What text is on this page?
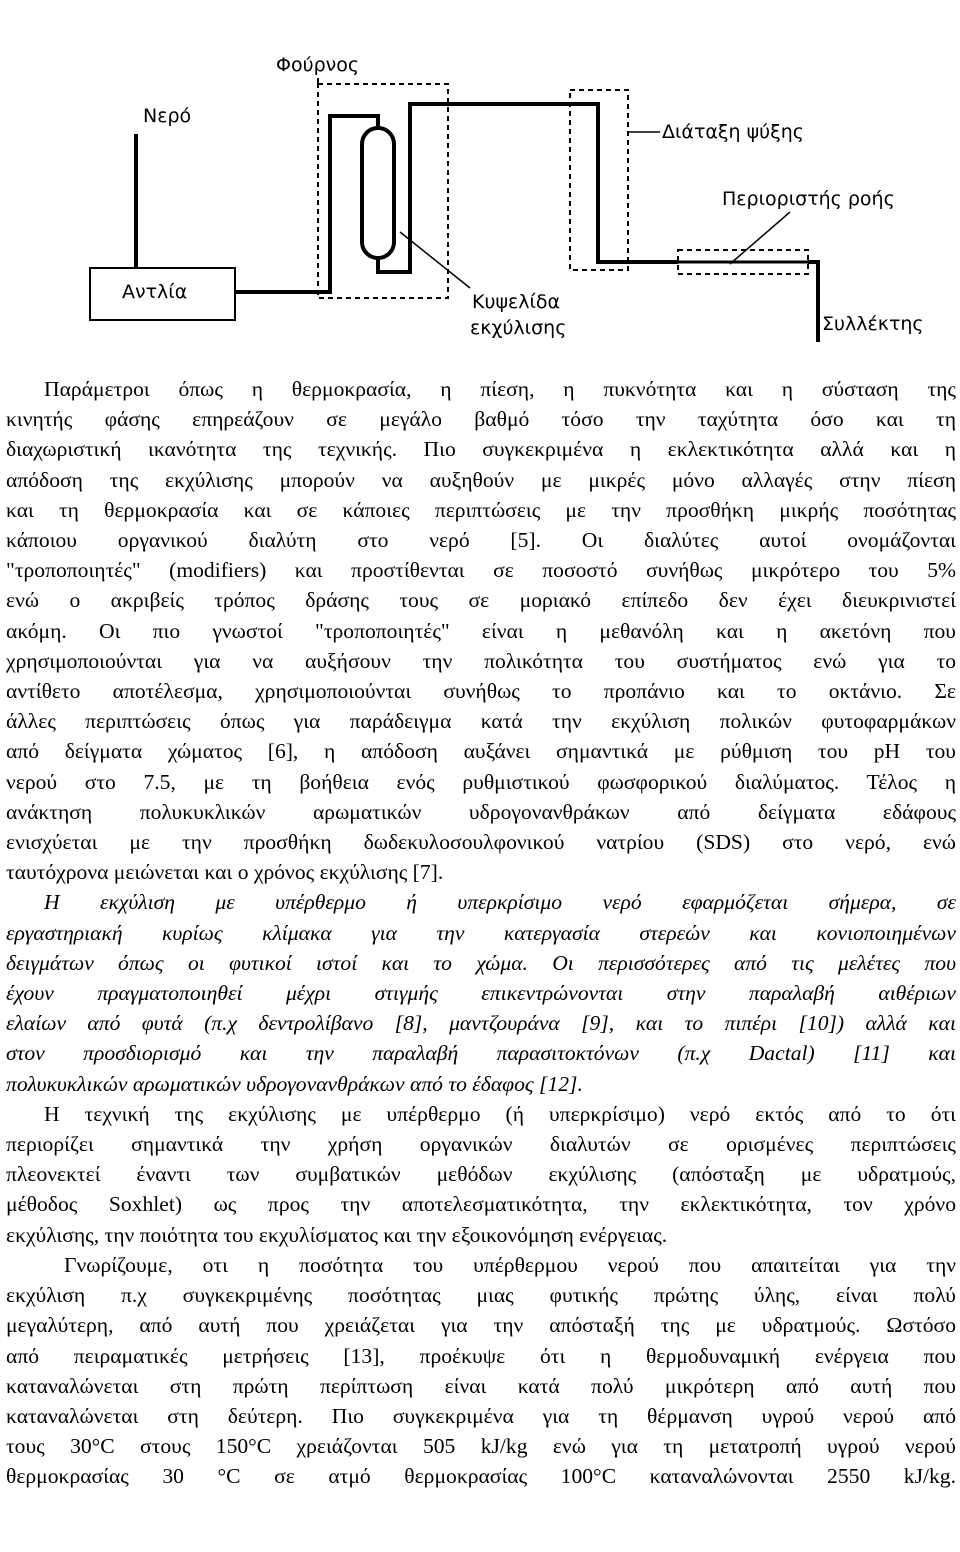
Αντλία
Νερό
Φούρνος
Κυψελίδα
εκχύλισης
Διάταξη ψύξης
Περιοριστής ροής
Συλλέκτης

Παράμετροι όπως η θερμοκρασία, η πίεση, η πυκνότητα και η σύσταση της
κινητής φάσης επηρεάζουν σε μεγάλο βαθμό τόσο την ταχύτητα όσο και τη
διαχωριστική ικανότητα της τεχνικής. Πιο συγκεκριμένα η εκλεκτικότητα αλλά και η
απόδοση της εκχύλισης μπορούν να αυξηθούν με μικρές μόνο αλλαγές στην πίεση
και τη θερμοκρασία και σε κάποιες περιπτώσεις με την προσθήκη μικρής ποσότητας
κάποιου οργανικού διαλύτη στο νερό [5]. Οι διαλύτες αυτοί ονομάζονται
"τροποποιητές" (modifiers) και προστίθενται σε ποσοστό συνήθως μικρότερο του 5%
ενώ ο ακριβείς τρόπος δράσης τους σε μοριακό επίπεδο δεν έχει διευκρινιστεί
ακόμη. Οι πιο γνωστοί "τροποποιητές" είναι η μεθανόλη και η ακετόνη που
χρησιμοποιούνται για να αυξήσουν την πολικότητα του συστήματος ενώ για το
αντίθετο αποτέλεσμα, χρησιμοποιούνται συνήθως το προπάνιο και το οκτάνιο. Σε
άλλες περιπτώσεις όπως για παράδειγμα κατά την εκχύλιση πολικών φυτοφαρμάκων
από δείγματα χώματος [6], η απόδοση αυξάνει σημαντικά με ρύθμιση του pH του
νερού στο 7.5, με τη βοήθεια ενός ρυθμιστικού φωσφορικού διαλύματος. Τέλος η
ανάκτηση πολυκυκλικών αρωματικών υδρογονανθράκων από δείγματα εδάφους
ενισχύεται με την προσθήκη δωδεκυλοσουλφονικού νατρίου (SDS) στο νερό, ενώ
ταυτόχρονα μειώνεται και ο χρόνος εκχύλισης [7].

Η εκχύλιση με υπέρθερμο ή υπερκρίσιμο νερό εφαρμόζεται σήμερα, σε
εργαστηριακή κυρίως κλίμακα για την κατεργασία στερεών και κονιοποιημένων
δειγμάτων όπως οι φυτικοί ιστοί και το χώμα. Οι περισσότερες από τις μελέτες που
έχουν πραγματοποιηθεί μέχρι στιγμής επικεντρώνονται στην παραλαβή αιθέριων
ελαίων από φυτά (π.χ δεντρολίβανο [8], μαντζουράνα [9], και το πιπέρι [10]) αλλά και
στον προσδιορισμό και την παραλαβή παρασιτοκτόνων (π.χ Dactal) [11] και
πολυκυκλικών αρωματικών υδρογονανθράκων από το έδαφος [12].

Η τεχνική της εκχύλισης με υπέρθερμο (ή υπερκρίσιμο) νερό εκτός από το ότι
περιορίζει σημαντικά την χρήση οργανικών διαλυτών σε ορισμένες περιπτώσεις
πλεονεκτεί έναντι των συμβατικών μεθόδων εκχύλισης (απόσταξη με υδρατμούς,
μέθοδος Soxhlet) ως προς την αποτελεσματικότητα, την εκλεκτικότητα, τον χρόνο
εκχύλισης, την ποιότητα του εκχυλίσματος και την εξοικονόμηση ενέργειας.

Γνωρίζουμε, οτι η ποσότητα του υπέρθερμου νερού που απαιτείται για την
εκχύλιση π.χ συγκεκριμένης ποσότητας μιας φυτικής πρώτης ύλης, είναι πολύ
μεγαλύτερη, από αυτή που χρειάζεται για την απόσταξή της με υδρατμούς. Ωστόσο
από πειραματικές μετρήσεις [13], προέκυψε ότι η θερμοδυναμική ενέργεια που
καταναλώνεται στη πρώτη περίπτωση είναι κατά πολύ μικρότερη από αυτή που
καταναλώνεται στη δεύτερη. Πιο συγκεκριμένα για τη θέρμανση υγρού νερού από
τους 30°C στους 150°C χρειάζονται 505 kJ/kg ενώ για τη μετατροπή υγρού νερού
θερμοκρασίας 30 °C σε ατμό θερμοκρασίας 100°C καταναλώνονται 2550 kJ/kg.
